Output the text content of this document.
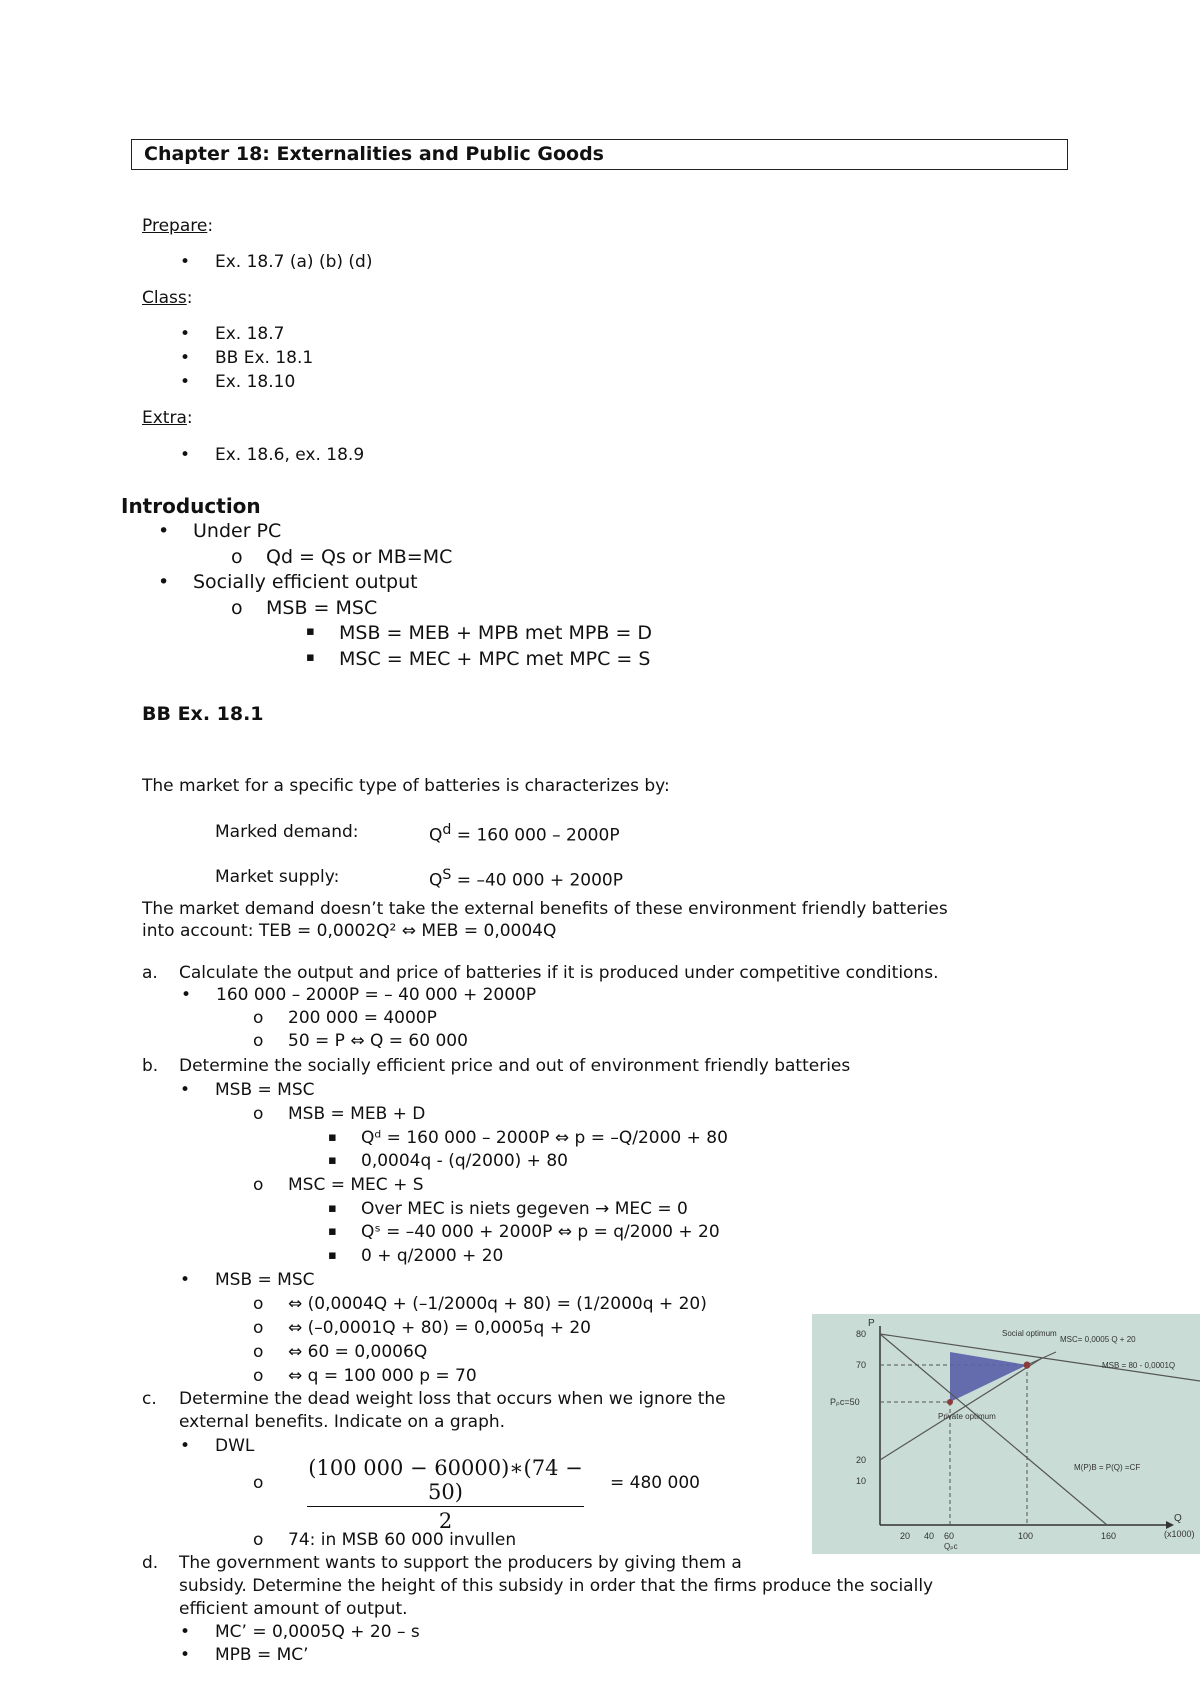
Chapter 18: Externalities and Public Goods
Prepare:
• Ex. 18.7 (a) (b) (d)
Class:
• Ex. 18.7
• BB Ex. 18.1
• Ex. 18.10
Extra:
• Ex. 18.6, ex. 18.9
Introduction
• Under PC
o Qd = Qs or MB=MC
• Socially efficient output
o MSB = MSC
▪ MSB = MEB + MPB met MPB = D
▪ MSC = MEC + MPC met MPC = S
BB Ex. 18.1
The market for a specific type of batteries is characterizes by:
Marked demand:	$Q^d = 160$ 000 – 2000P
Market supply:	$Q^S = -40$ 000 + 2000P
The market demand doesn’t take the external benefits of these environment friendly batteries
into account: TEB = 0,0002Q² ⇔ MEB = 0,0004Q
a. Calculate the output and price of batteries if it is produced under competitive conditions.
• 160 000 – 2000P = – 40 000 + 2000P
o 200 000 = 4000P
o 50 = P ⇔ Q = 60 000
b. Determine the socially efficient price and out of environment friendly batteries
• MSB = MSC
o MSB = MEB + D
▪ Qᵈ = 160 000 – 2000P ⇔ p = –Q/2000 + 80
▪ 0,0004q - (q/2000) + 80
o MSC = MEC + S
▪ Over MEC is niets gegeven → MEC = 0
▪ Qˢ = –40 000 + 2000P ⇔ p = q/2000 + 20
▪ 0 + q/2000 + 20
• MSB = MSC
o ⇔ (0,0004Q + (–1/2000q + 80) = (1/2000q + 20)
o ⇔ (–0,0001Q + 80) = 0,0005q + 20
o ⇔ 60 = 0,0006Q
o ⇔ q = 100 000 p = 70
c. Determine the dead weight loss that occurs when we ignore the
external benefits. Indicate on a graph.
• DWL
o $\frac{(100 000 - 60000)∗(74 - 50)}{2} = 480$ 000
o 74: in MSB 60 000 invullen
d. The government wants to support the producers by giving them a
subsidy. Determine the height of this subsidy in order that the firms produce the socially
efficient amount of output.
• MC’ = 0,0005Q + 20 – s
• MPB = MC’
P
Q
(x1000)
80
70
Pₚc=50
20
10
20 40 60	100	160
Qₚc
Social optimum
MSC= 0,0005 Q + 20
MSB = 80 - 0,0001Q
Private optimum
M(P)B = P(Q) =CF
